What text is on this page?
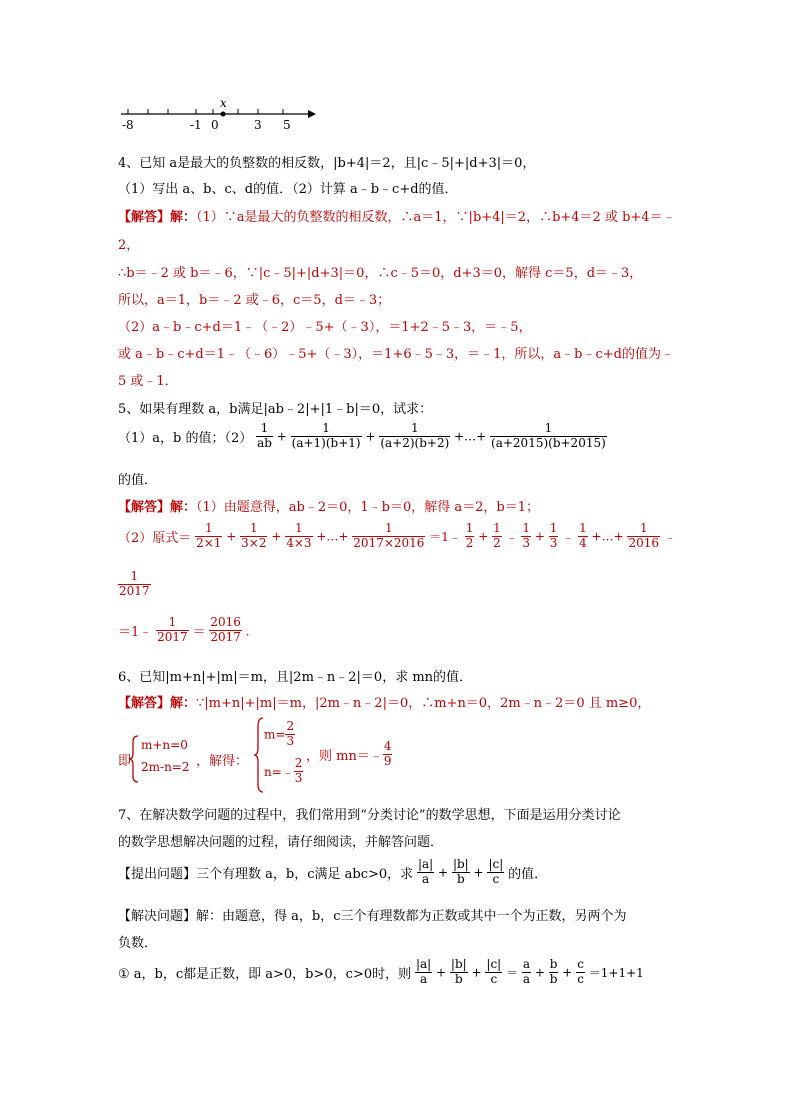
x
-8	-1 0	3 5
4、已知 a是最大的负整数的相反数，|b+4|＝2，且|c﹣5|+|d+3|＝0，
（1）写出 a、b、c、d的值．（2）计算 a﹣b﹣c+d的值．
【解答】解：（1）∵a是最大的负整数的相反数，∴a＝1，∵|b+4|＝2，∴b+4＝2 或 b+4＝﹣
2，
∴b＝﹣2 或 b＝﹣6，∵|c﹣5|+|d+3|＝0，∴c﹣5＝0，d+3＝0，解得 c＝5，d＝﹣3，
所以，a＝1，b＝﹣2 或﹣6，c＝5，d＝﹣3；
（2）a﹣b﹣c+d＝1﹣（﹣2）﹣5+（﹣3），＝1+2﹣5﹣3，＝﹣5，
或 a﹣b﹣c+d＝1﹣（﹣6）﹣5+（﹣3），＝1+6﹣5﹣3，＝﹣1，所以，a﹣b﹣c+d的值为﹣
5 或﹣1．
5、如果有理数 a，b满足|ab﹣2|+|1﹣b|＝0，试求：
（1）a，b 的值；$(2) \frac{1}{ab} + \frac{1}{(a+1)(b+1)} + \frac{1}{(a+2)(b+2)}$ +…+ $\frac{1}{(a+2015)(b+2015)}$
的值．
【解答】解：（1）由题意得，ab﹣2＝0，1﹣b＝0，解得 a＝2，b＝1；
（2）原式＝ $\frac{1}{2\times 1} + \frac{1}{3\times 2} + \frac{1}{4\times 3}$ +…+ $\frac{1}{2017\times 2016}$ ＝1﹣ $\frac{1}{2} + \frac{1}{2}$ ﹣ $\frac{1}{3} + \frac{1}{3}$ ﹣ $\frac{1}{4}$ +…+ $\frac{1}{2016}$ ﹣
$\frac{1}{2017}$
＝1﹣ $\frac{1}{2017} = \frac{2016}{2017}$ ．
6、已知|m+n|+|m|＝m，且|2m﹣n﹣2|＝0，求 mn的值．
【解答】解：∵|m+n|+|m|＝m，|2m﹣n﹣2|＝0，∴m+n＝0，2m﹣n﹣2＝0 且 m≥0，
即
m+n=0
2m-n=2 ，解得：
$m= \frac{2}{3}$
n=﹣ $\frac{2}{3}$
，则 mn＝﹣ $\frac{4}{9}$
7、在解决数学问题的过程中，我们常用到“分类讨论”的数学思想，下面是运用分类讨论
的数学思想解决问题的过程，请仔细阅读，并解答问题．
【提出问题】三个有理数 a，b，c满足 abc>0，求 $\frac{|a|}{a} + \frac{|b|}{b} + \frac{|c|}{c}$ 的值．
【解决问题】解：由题意，得 a，b，c三个有理数都为正数或其中一个为正数，另两个为
负数．
① a，b，c都是正数，即 a>0，b>0，c>0时，则 $\frac{|a|}{a} + \frac{|b|}{b} + \frac{|c|}{c} = \frac{a}{a} + \frac{b}{b} + \frac{c}{c} =1+1+1$
